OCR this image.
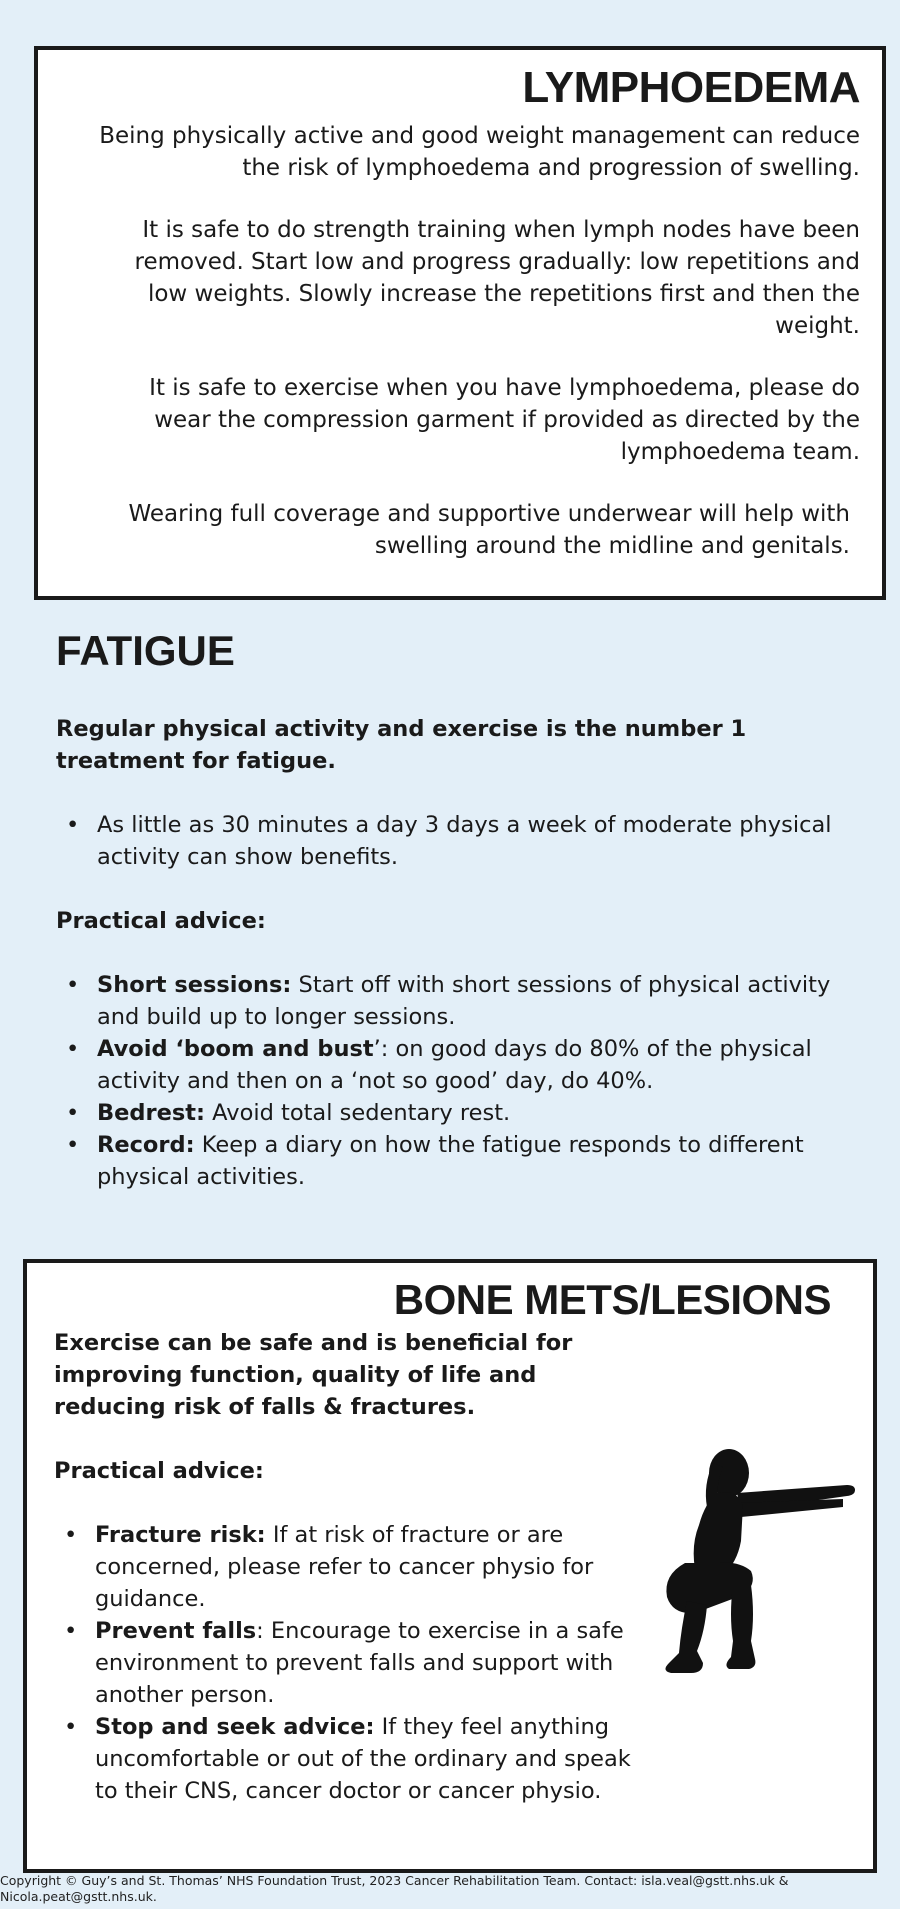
LYMPHOEDEMA

Being physically active and good weight management can reduce the risk of lymphoedema and progression of swelling.

It is safe to do strength training when lymph nodes have been removed. Start low and progress gradually: low repetitions and low weights. Slowly increase the repetitions first and then the weight.

It is safe to exercise when you have lymphoedema, please do wear the compression garment if provided as directed by the lymphoedema team.

Wearing full coverage and supportive underwear will help with swelling around the midline and genitals.

FATIGUE

Regular physical activity and exercise is the number 1 treatment for fatigue.

• As little as 30 minutes a day 3 days a week of moderate physical activity can show benefits.

Practical advice:

• Short sessions: Start off with short sessions of physical activity and build up to longer sessions.
• Avoid ‘boom and bust’: on good days do 80% of the physical activity and then on a ‘not so good’ day, do 40%.
• Bedrest: Avoid total sedentary rest.
• Record: Keep a diary on how the fatigue responds to different physical activities.
BONE METS/LESIONS

Exercise can be safe and is beneficial for improving function, quality of life and reducing risk of falls & fractures.

Practical advice:

• Fracture risk: If at risk of fracture or are concerned, please refer to cancer physio for guidance.
• Prevent falls: Encourage to exercise in a safe environment to prevent falls and support with another person.
• Stop and seek advice: If they feel anything uncomfortable or out of the ordinary and speak to their CNS, cancer doctor or cancer physio.
Copyright © Guy’s and St. Thomas’ NHS Foundation Trust, 2023 Cancer Rehabilitation Team. Contact: isla.veal@gstt.nhs.uk & Nicola.peat@gstt.nhs.uk.
